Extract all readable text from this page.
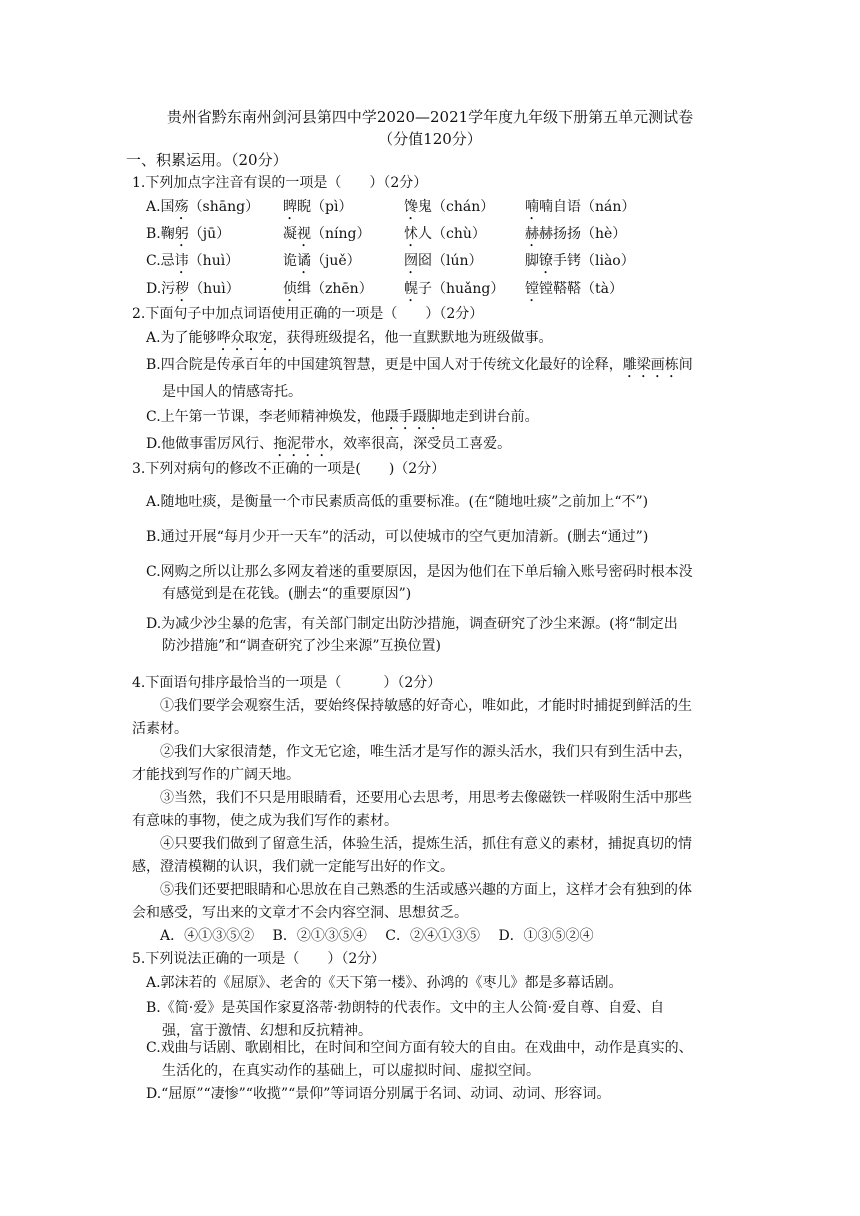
贵州省黔东南州剑河县第四中学2020—2021学年度九年级下册第五单元测试卷
（分值120分）
一、积累运用。（20分）
1.下列加点字注音有误的一项是（　　）（2分）
A.国殇（shāng） 睥睨（pì）	馋鬼（chán） 喃喃自语（nán）
B.鞠躬（jū）	凝视（níng） 怵人（chù）	赫赫扬扬（hè）
C.忌讳（huì）	诡谲（juě）	囫囵（lún）	脚镣手铐（liào）
D.污秽（huì）	侦缉（zhēn） 幌子（huǎng） 镗镗鞳鞳（tà）
2.下面句子中加点词语使用正确的一项是（　　）（2分）
A.为了能够哗众取宠，获得班级提名，他一直默默地为班级做事。
B.四合院是传承百年的中国建筑智慧，更是中国人对于传统文化最好的诠释，雕梁画栋间
是中国人的情感寄托。
C.上午第一节课，李老师精神焕发，他蹑手蹑脚地走到讲台前。
D.他做事雷厉风行、拖泥带水，效率很高，深受员工喜爱。
3.下列对病句的修改不正确的一项是(　　)（2分）
A.随地吐痰，是衡量一个市民素质高低的重要标准。(在“随地吐痰”之前加上“不”)
B.通过开展“每月少开一天车”的活动，可以使城市的空气更加清新。(删去“通过”)
C.网购之所以让那么多网友着迷的重要原因，是因为他们在下单后输入账号密码时根本没
有感觉到是在花钱。(删去“的重要原因”)
D.为减少沙尘暴的危害，有关部门制定出防沙措施，调查研究了沙尘来源。(将“制定出
防沙措施”和“调查研究了沙尘来源”互换位置)
4.下面语句排序最恰当的一项是（　　　）（2分）
①我们要学会观察生活，要始终保持敏感的好奇心，唯如此，才能时时捕捉到鲜活的生
活素材。
②我们大家很清楚，作文无它途，唯生活才是写作的源头活水，我们只有到生活中去，
才能找到写作的广阔天地。
③当然，我们不只是用眼睛看，还要用心去思考，用思考去像磁铁一样吸附生活中那些
有意味的事物，使之成为我们写作的素材。
④只要我们做到了留意生活，体验生活，提炼生活，抓住有意义的素材，捕捉真切的情
感，澄清模糊的认识，我们就一定能写出好的作文。
⑤我们还要把眼睛和心思放在自己熟悉的生活或感兴趣的方面上，这样才会有独到的体
会和感受，写出来的文章才不会内容空洞、思想贫乏。
A．④①③⑤②　 B．②①③⑤④　 C．②④①③⑤　 D．①③⑤②④
5.下列说法正确的一项是（　　）（2分）
A.郭沫若的《屈原》、老舍的《天下第一楼》、孙鸿的《枣儿》都是多幕话剧。
B.《简·爱》是英国作家夏洛蒂·勃朗特的代表作。文中的主人公简·爱自尊、自爱、自
强，富于激情、幻想和反抗精神。
C.戏曲与话剧、歌剧相比，在时间和空间方面有较大的自由。在戏曲中，动作是真实的、
生活化的，在真实动作的基础上，可以虚拟时间、虚拟空间。
D.“屈原”“凄惨”“收揽”“景仰”等词语分别属于名词、动词、动词、形容词。
